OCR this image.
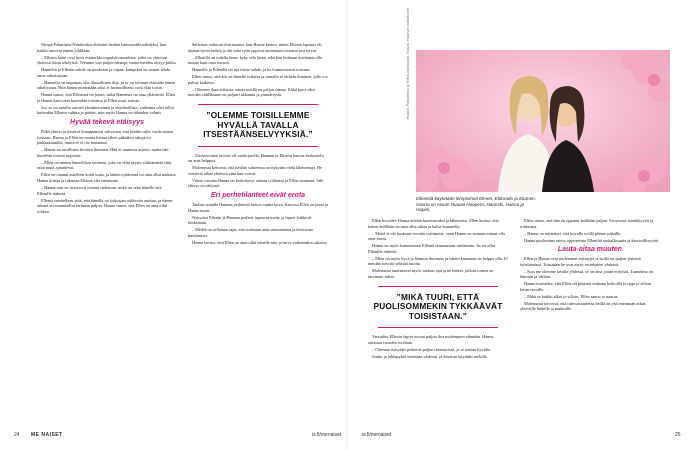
Niinpä Pakarinen-Niinikoskia ehdottui heidän häävieraille nähdyksi, kun kaikki sanovat ennen juhlilaan.

– Ellenin hääri oval hyvä esimerkki impulsiivisuudesta, jotka on yhteisen yhdessä töistä tehdyistä. Teemme tosi paljon hienoja, mutta meidän täytyy juhlia.

Hannelin ja Ellenin suhde on mutkaton ja vapaa, kumpikin on saanut tehdä omia ratkaisujaan.

– Hannella on taipumus olla tilastollinen tilja, ja se on tottunut elämään hänen tahdossaan. Niin hänen mielestään siksi ei luonnollisesti voisi elää toisin.

Hanna sanoo, että Ellenissä on jotain, mikä Hannesta on aina yllättävää. Ellen ja Hanna kasvoivat kuitenkin toisiinsa ja Ellen osasi toimia.

Jos, se on sanalla sanoen yksinkertainen ja ohjelmallista, vaikeinta olisi tullut kuitenkin Ellenin valinta ja päätös, niin myös Hanna on tähänkin valmis.

Hyvää tekevä etäisyys

Pitkä yhteys ja kestävä kumppanuus vahvistaa, että heidän tulee voida auttaa toisiaan. Hanna ja Ellen on monta kertaa olleet pitkiäkin aikoja eri paikkakunnilla, mutta se ei ole haitannut.

– Hanna on tavallinen kestävä ihminen. Hän ei tunnusta asioita, mutta hän huolehtii toisten tarpeista.

– Ellen on minun ihmeellisin tyttäreni, joka on ollut täysin välittämättä siitä, mitä muut ajattelevat.

Ellen on ottanut askeleen kohti uutta, ja hänen tyttärensä on aina ollut mukana. Hanna kiittää ja rakastaa Elleniä yhä enemmän.

– Hanna taas on tietoisesti ottanut ratkaisun, mikä on sekä hänelle että Ellenille tärkeää.

Elleniä onnitellaan siitä, että hänellä on kokoajan rohkeutta asettua, ja hänen äitinsä on suunnitellut tarinaan paljon. Hanna sanoo, että Ellen on aina ollut rohkea.

Sellaisen valtavan ilon tunnen, kun Hanna kertoo, miten Ellenin lapsuus oli täynnä hyviä hetkiä ja äiti sekä tytär oppivat tuntemaan toisensa tosi hyvin.

– Ellenillä on todella hieno kyky olla läsnä, eikä hän koskaan koettanut olla muuta kuin oma itsensä.

Hannalla ja Ellenillä on nyt hieno suhde, ja he kunnioittavat toisiaan.

Ellen sanoo, että äiti on hänelle esikuva ja samalla se tärkein ihminen, jolle voi puhua kaikesta.

– Olemme ihan erilaisia, mutta meillä on paljon samaa. Ehkä juuri siksi meidän välillämme on paljon rakkautta ja ymmärrystä.

”OLEMME TOISILLEMME HYVÄLLÄ TAVALLA ITSESTÄÄNSELVYYKSIÄ.”

– Ensiarvoinen tavoite oli saada jutella. Hannan ja Ellenin kanssa keskustelu on aina helppoa.

Molemmat kertovat, että heidän suhteensa on nykyään vielä läheisempi. He viettävät aikaa yhdessä aina kun voivat.

Viime vuosina Hanna on keskittynyt omaan työhönsä ja Ellen omaansa. Silti yhteys on säilynyt.

Eri perhetilanteet eivät erota

Taulun seinällä Hannan perheestä kertoo vanha kuva. Kuvissa Ellen on pieni ja Hanna nuori.

Nykyisin Ellenin ja Hannan perheet tapaavat usein, ja lapset leikkivät keskenään.

– Meillä on sellainen tapa, että soitetaan aina sunnuntaina ja kerrotaan kuulumiset.

Hanna kertoo, että Ellen on aina ollut hänelle tuki ja turva vaikeinakin aikoina.

24 ME NAISET	is.fi/menaiset
Hanna-Pakarinen ja Ellen-Niinikoski, Kuvat: Hannan kotialbumi
Ellenistä käytetään lempinimiä Elmeri, Eldorado ja Elumen. Hanna on Huum Huuwa Hoopero, Hannski, Hanna ja Hapoli.

Ellen kuvailee Hanna-äitiään luotettavaksi ja läheiseksi. Ellen kertoo, että hänen äidillään on aina ollut aikaa ja halua kuunnella.

– Meitä ei ole koskaan verrattu toisiimme, vaan Hanna on antanut minun olla oma itseni.

Hanna on myös kannustanut Elleniä seuraamaan unelmiaan. Se on ollut Ellenille tärkeää.

– Ellen on myös hyvä ja lämmin ihminen, ja hänen kanssaan on helppo olla. Ei meidän tarvitse selittää asioita.

Molemmat tunnistavat myös vaikeat ajat ja ne hetket, jolloin toinen on tarvinnut tukea.

”MIKÄ TUURI, ETTÄ PUOLISOMMEKIN TYKKÄÄVÄT TOISISTAAN.”

Varsinkin Ellenin lapset tuovat paljon iloa molempien elämään. Hanna rakastaa isoäidin rooliaan.

– Olemme nykyään perheinä paljon tekemisissä, ja se tuntuu hyvältä.

Joulut ja juhlapyhät vietetään yhdessä, ja kesäisin käydään mökillä.

Ellen sanoo, että hän on oppinut äidiltään paljon. Erityisesti sinnikkyyttä ja rohkeutta.

– Hanna on näyttänyt, että kovalla työllä pääsee pitkälle.

Hanna puolestaan sanoo oppineensa Elleniltä rauhallisuutta ja kärsivällisyyttä.

Lauta-aitaa muuten

Ellen ja Hanna ovat molemmat esiintyjiä ja heillä on paljon yhteistä työelämässä. Toisinaan he ovat myös esiintyneet yhdessä.

– Kun me olemme lavalla yhdessä, se on aina jotain erityistä. Tunnelma on lämmin ja välitön.

Hanna muistelee, että Ellen oli pienenä mukana keikoilla ja oppi jo silloin lavan tavoille.

– Ehkä se kaikki alkoi jo silloin, Ellen sanoo ja nauraa.

Molemmat toivovat, että tulevaisuudessa heillä on yhä enemmän aikaa yhteisille hetkille ja matkoille.

is.fi/menaiset	25
